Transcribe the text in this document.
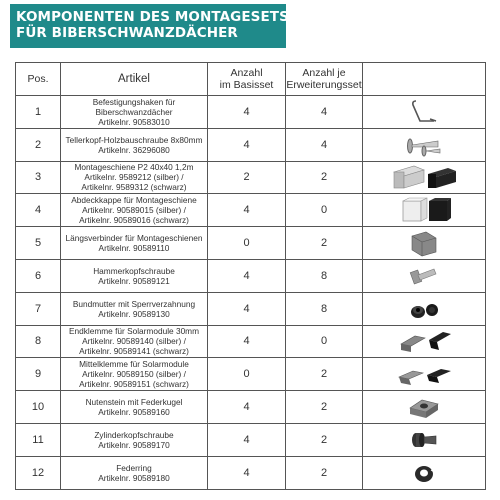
KOMPONENTEN DES MONTAGESETS -
FÜR BIBERSCHWANZDÄCHER
Pos.	Artikel	Anzahl
im Basisset	Anzahl je
Erweiterungsset	
1	Befestigungshaken für Biberschwanzdächer
Artikelnr. 90583010	4	4	

2	Tellerkopf-Holzbauschraube 8x80mm
Artikelnr. 36296080	4	4	

3	Montageschiene P2 40x40 1,2m
Artikelnr. 9589212 (silber) /
Artikelnr. 9589312 (schwarz)	2	2	

4	Abdeckkappe für Montageschiene
Artikelnr. 90589015 (silber) /
Artikelnr. 90589016 (schwarz)	4	0	

5	Längsverbinder für Montageschienen
Artikelnr. 90589110	0	2	

6	Hammerkopfschraube
Artikelnr. 90589121	4	8	

7	Bundmutter mit Sperrverzahnung
Artikelnr. 90589130	4	8	

8	Endklemme für Solarmodule 30mm
Artikelnr. 90589140 (silber) /
Artikelnr. 90589141 (schwarz)	4	0	

9	Mittelklemme für Solarmodule
Artikelnr. 90589150 (silber) /
Artikelnr. 90589151 (schwarz)	0	2	

10	Nutenstein mit Federkugel
Artikelnr. 90589160	4	2	

11	Zylinderkopfschraube
Artikelnr. 90589170	4	2	

12	Federring
Artikelnr. 90589180	4	2	
